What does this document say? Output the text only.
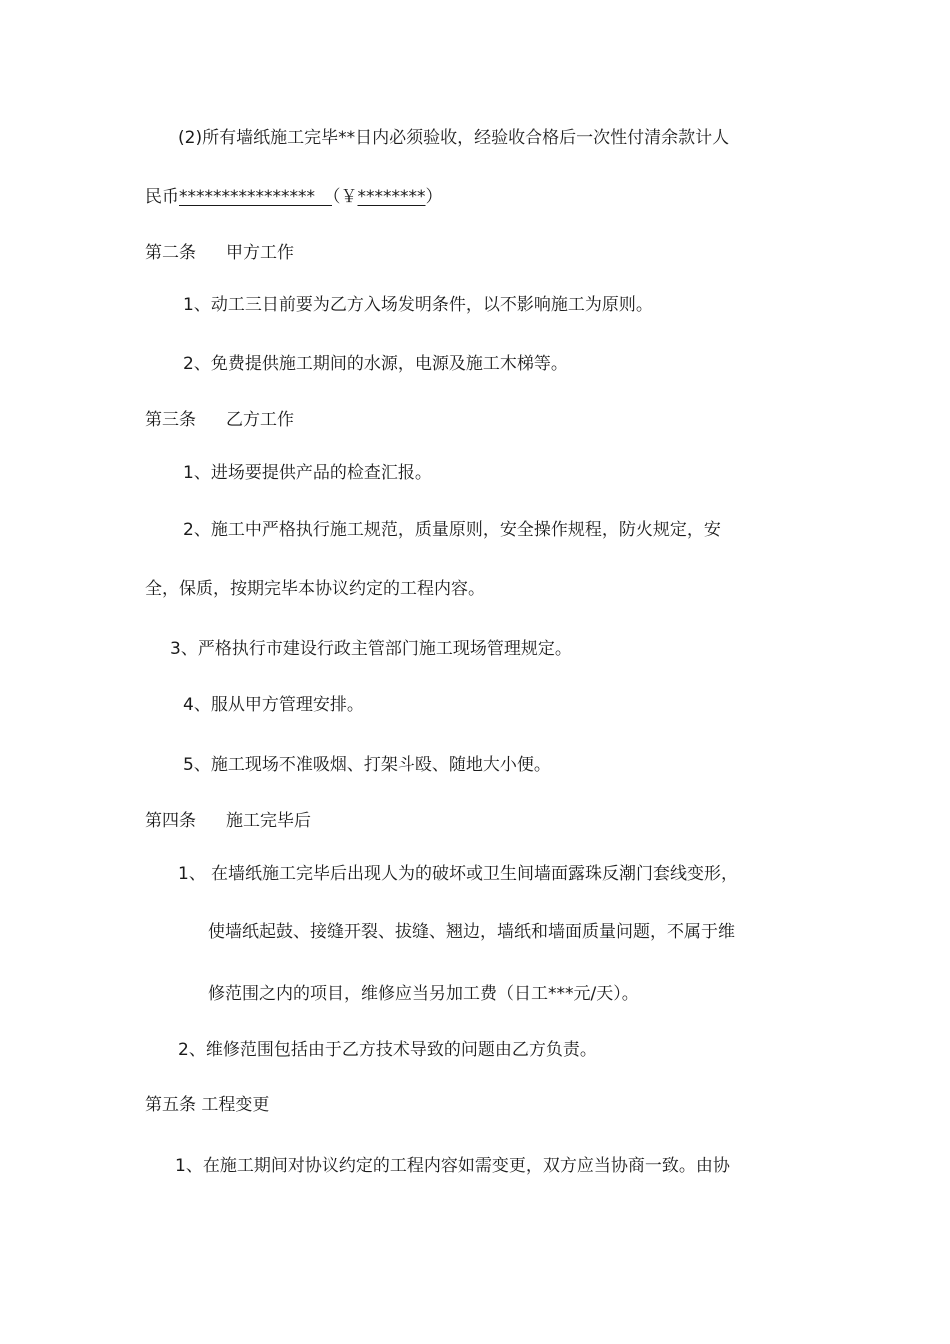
(2)所有墙纸施工完毕**日内必须验收，经验收合格后一次性付清余款计人
民币****************　 （￥********）
第二条 甲方工作
1、动工三日前要为乙方入场发明条件，以不影响施工为原则。
2、免费提供施工期间的水源，电源及施工木梯等。
第三条 乙方工作
1、进场要提供产品的检查汇报。
2、施工中严格执行施工规范，质量原则，安全操作规程，防火规定，安
全，保质，按期完毕本协议约定的工程内容。
3、严格执行市建设行政主管部门施工现场管理规定。
4、服从甲方管理安排。
5、施工现场不准吸烟、打架斗殴、随地大小便。
第四条 施工完毕后
1、 在墙纸施工完毕后出现人为的破坏或卫生间墙面露珠反潮门套线变形，
使墙纸起鼓、接缝开裂、拔缝、翘边，墙纸和墙面质量问题，不属于维
修范围之内的项目，维修应当另加工费（日工***元/天）。
2、维修范围包括由于乙方技术导致的问题由乙方负责。
第五条 工程变更
1、在施工期间对协议约定的工程内容如需变更，双方应当协商一致。由协
